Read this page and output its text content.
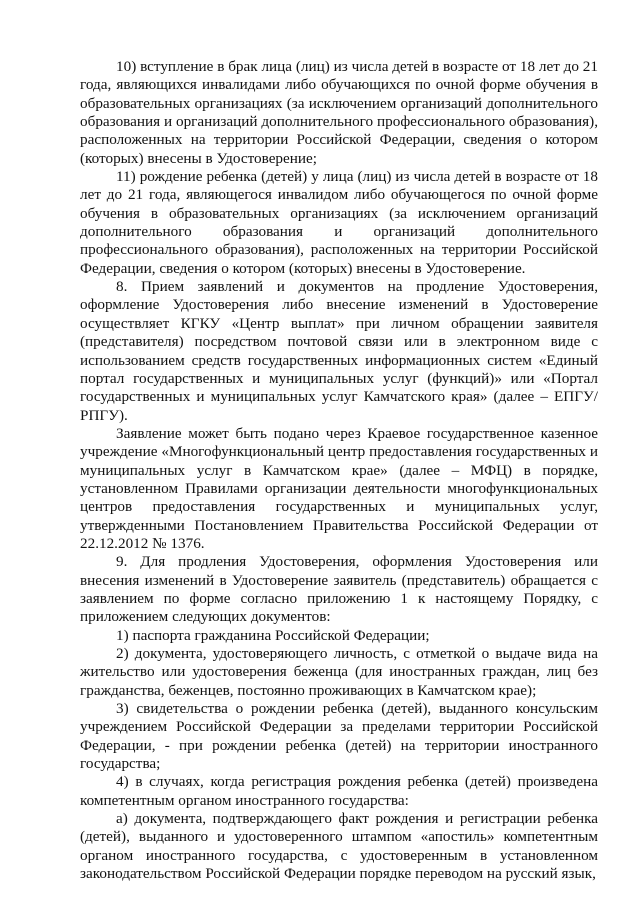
10) вступление в брак лица (лиц) из числа детей в возрасте от 18 лет до 21 года, являющихся инвалидами либо обучающихся по очной форме обучения в образовательных организациях (за исключением организаций дополнительного образования и организаций дополнительного профессионального образования), расположенных на территории Российской Федерации, сведения о котором (которых) внесены в Удостоверение;

11) рождение ребенка (детей) у лица (лиц) из числа детей в возрасте от 18 лет до 21 года, являющегося инвалидом либо обучающегося по очной форме обучения в образовательных организациях (за исключением организаций дополнительного образования и организаций дополнительного профессионального образования), расположенных на территории Российской Федерации, сведения о котором (которых) внесены в Удостоверение.

8. Прием заявлений и документов на продление Удостоверения, оформление Удостоверения либо внесение изменений в Удостоверение осуществляет КГКУ «Центр выплат» при личном обращении заявителя (представителя) посредством почтовой связи или в электронном виде с использованием средств государственных информационных систем «Единый портал государственных и муниципальных услуг (функций)» или «Портал государственных и муниципальных услуг Камчатского края» (далее – ЕПГУ/РПГУ).

Заявление может быть подано через Краевое государственное казенное учреждение «Многофункциональный центр предоставления государственных и муниципальных услуг в Камчатском крае» (далее – МФЦ) в порядке, установленном Правилами организации деятельности многофункциональных центров предоставления государственных и муниципальных услуг, утвержденными Постановлением Правительства Российской Федерации от 22.12.2012 № 1376.

9. Для продления Удостоверения, оформления Удостоверения или внесения изменений в Удостоверение заявитель (представитель) обращается с заявлением по форме согласно приложению 1 к настоящему Порядку, с приложением следующих документов:

1) паспорта гражданина Российской Федерации;

2) документа, удостоверяющего личность, с отметкой о выдаче вида на жительство или удостоверения беженца (для иностранных граждан, лиц без гражданства, беженцев, постоянно проживающих в Камчатском крае);

3) свидетельства о рождении ребенка (детей), выданного консульским учреждением Российской Федерации за пределами территории Российской Федерации, - при рождении ребенка (детей) на территории иностранного государства;

4) в случаях, когда регистрация рождения ребенка (детей) произведена компетентным органом иностранного государства:

а) документа, подтверждающего факт рождения и регистрации ребенка (детей), выданного и удостоверенного штампом «апостиль» компетентным органом иностранного государства, с удостоверенным в установленном законодательством Российской Федерации порядке переводом на русский язык,
